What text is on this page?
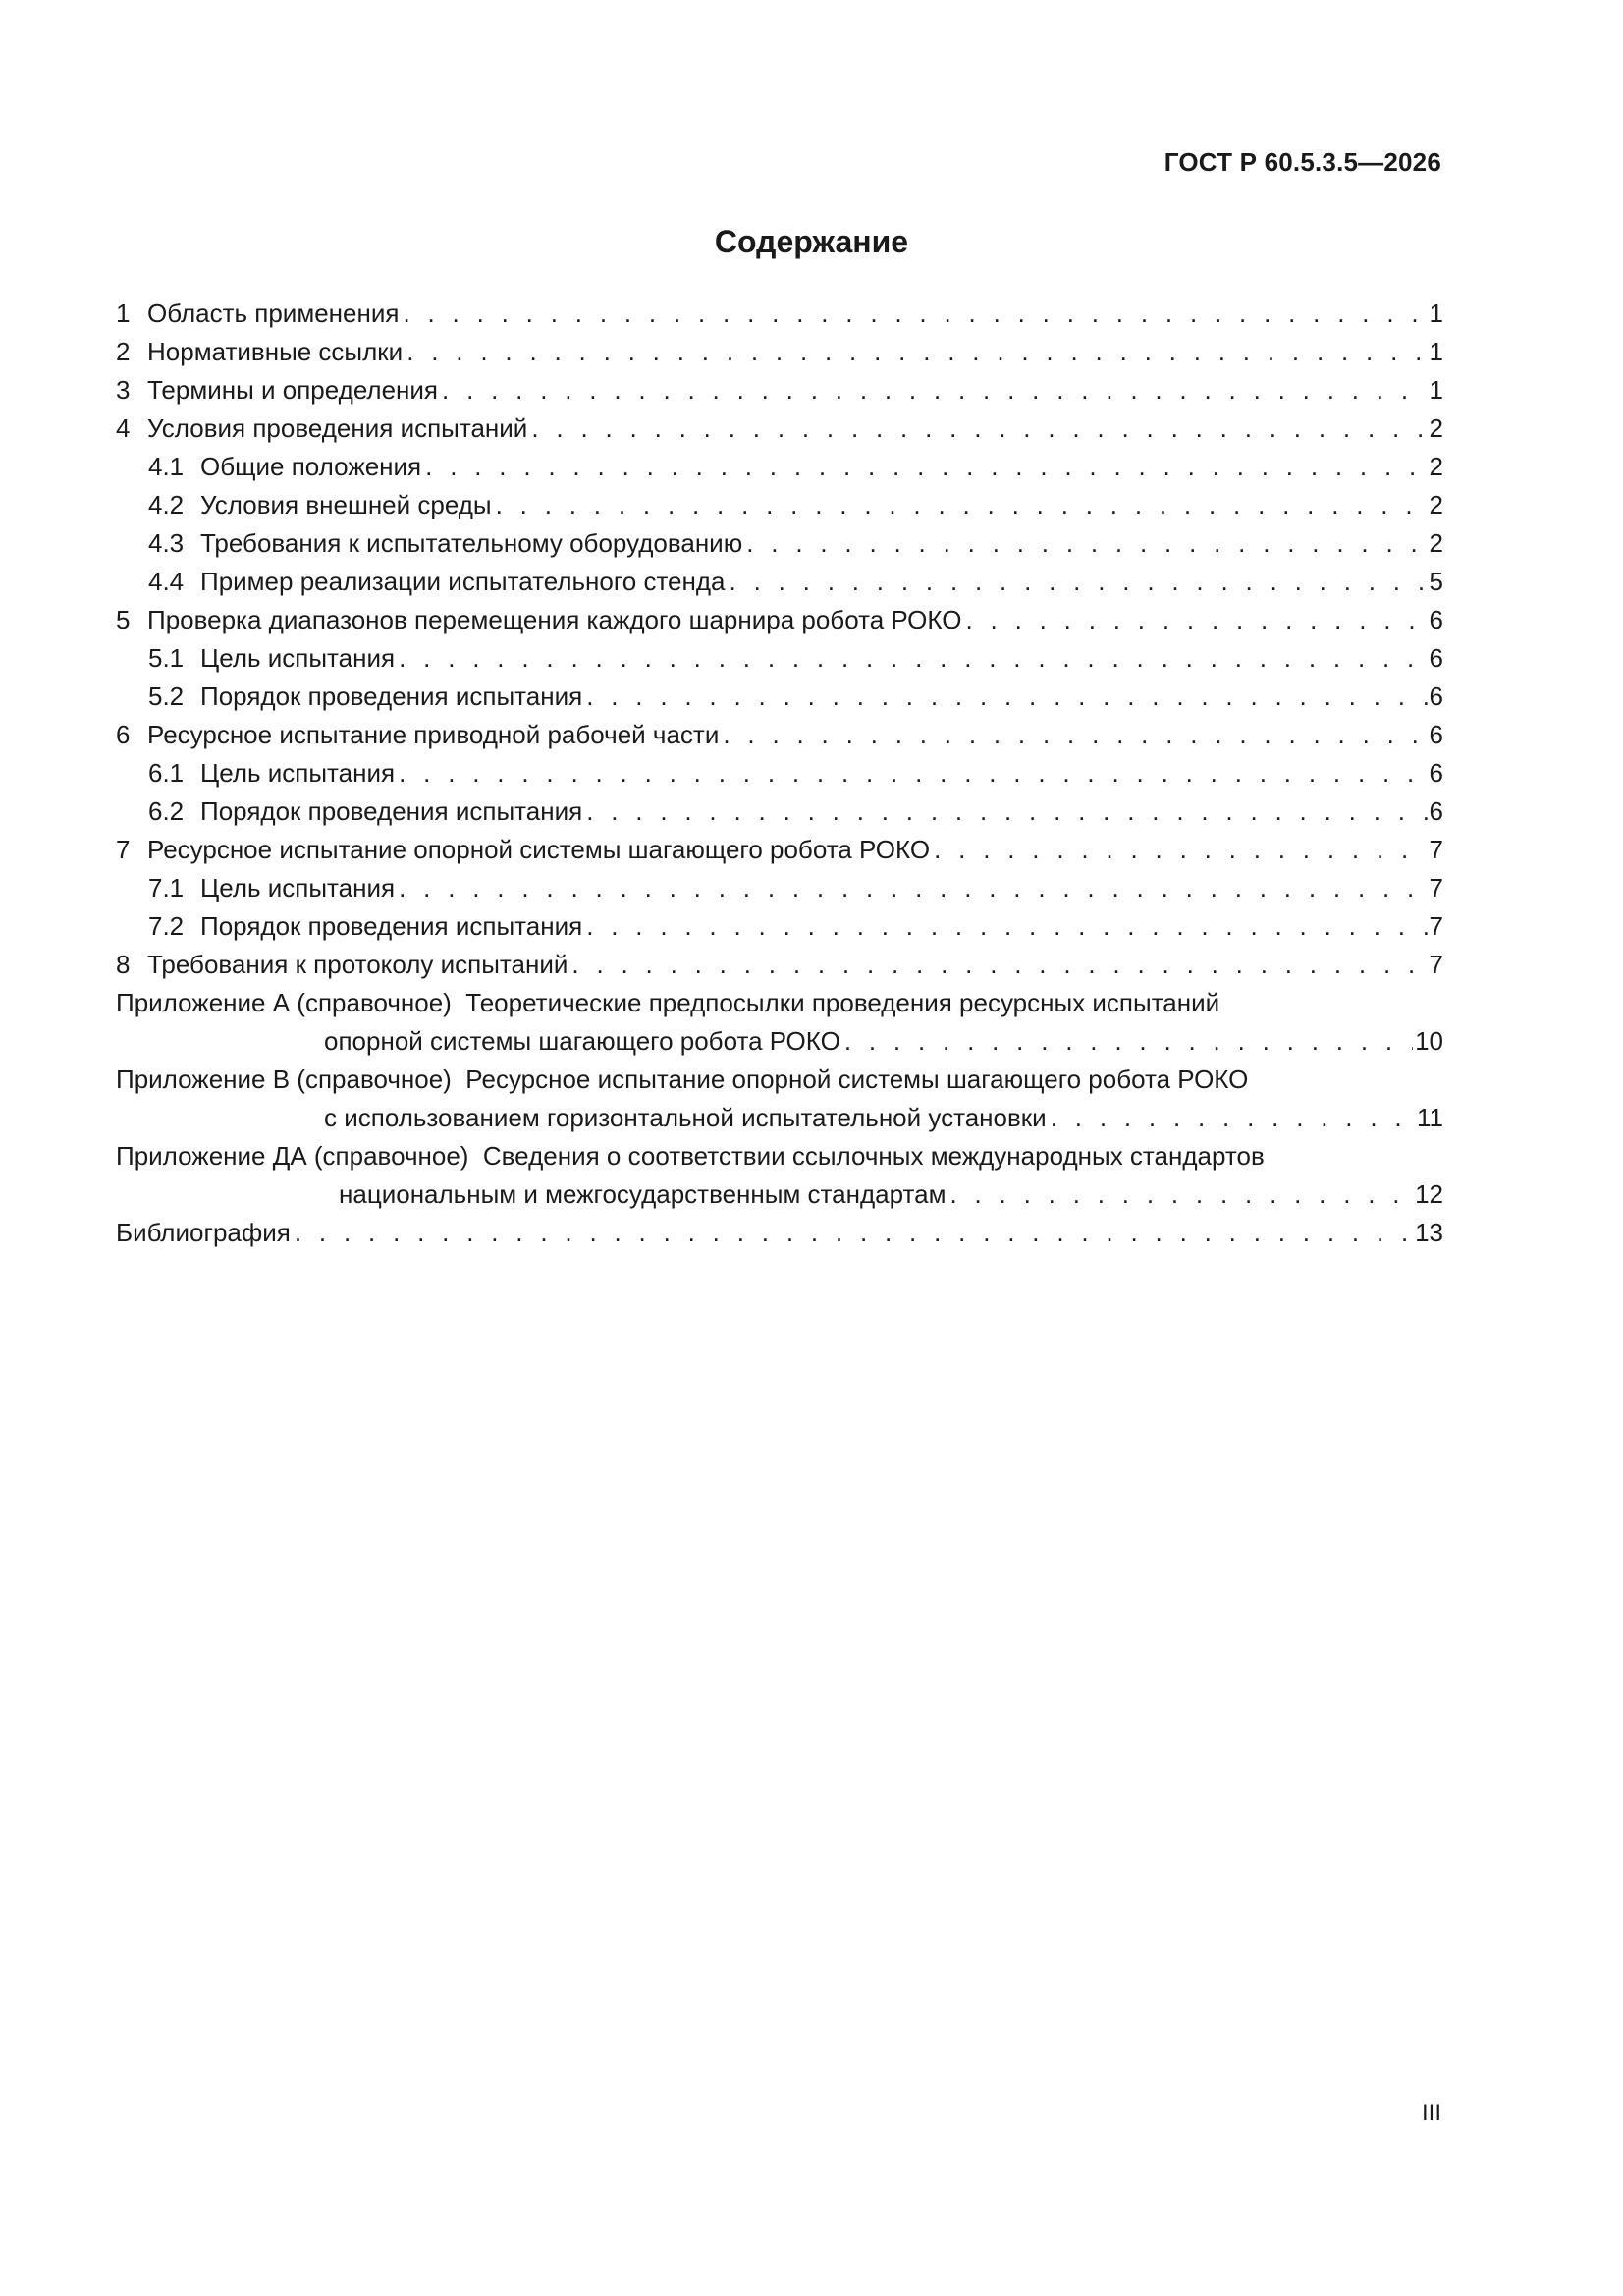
ГОСТ Р 60.5.3.5—2026
Содержание
1 Область применения . . .	1
2 Нормативные ссылки . . .	1
3 Термины и определения . . .	1
4 Условия проведения испытаний . . .	2
4.1 Общие положения . . .	2
4.2 Условия внешней среды . . .	2
4.3 Требования к испытательному оборудованию . . .	2
4.4 Пример реализации испытательного стенда . . .	5
5 Проверка диапазонов перемещения каждого шарнира робота РОКО . . .	6
5.1 Цель испытания . . .	6
5.2 Порядок проведения испытания . . .	6
6 Ресурсное испытание приводной рабочей части . . .	6
6.1 Цель испытания . . .	6
6.2 Порядок проведения испытания . . .	6
7 Ресурсное испытание опорной системы шагающего робота РОКО . . .	7
7.1 Цель испытания . . .	7
7.2 Порядок проведения испытания . . .	7
8 Требования к протоколу испытаний . . .	7
Приложение А (справочное)  Теоретические предпосылки проведения ресурсных испытаний
опорной системы шагающего робота РОКО . . .	10
Приложение В (справочное)  Ресурсное испытание опорной системы шагающего робота РОКО
с использованием горизонтальной испытательной установки . . .	11
Приложение ДА (справочное)  Сведения о соответствии ссылочных международных стандартов
национальным и межгосударственным стандартам . . .	12
Библиография . . .	13
III
